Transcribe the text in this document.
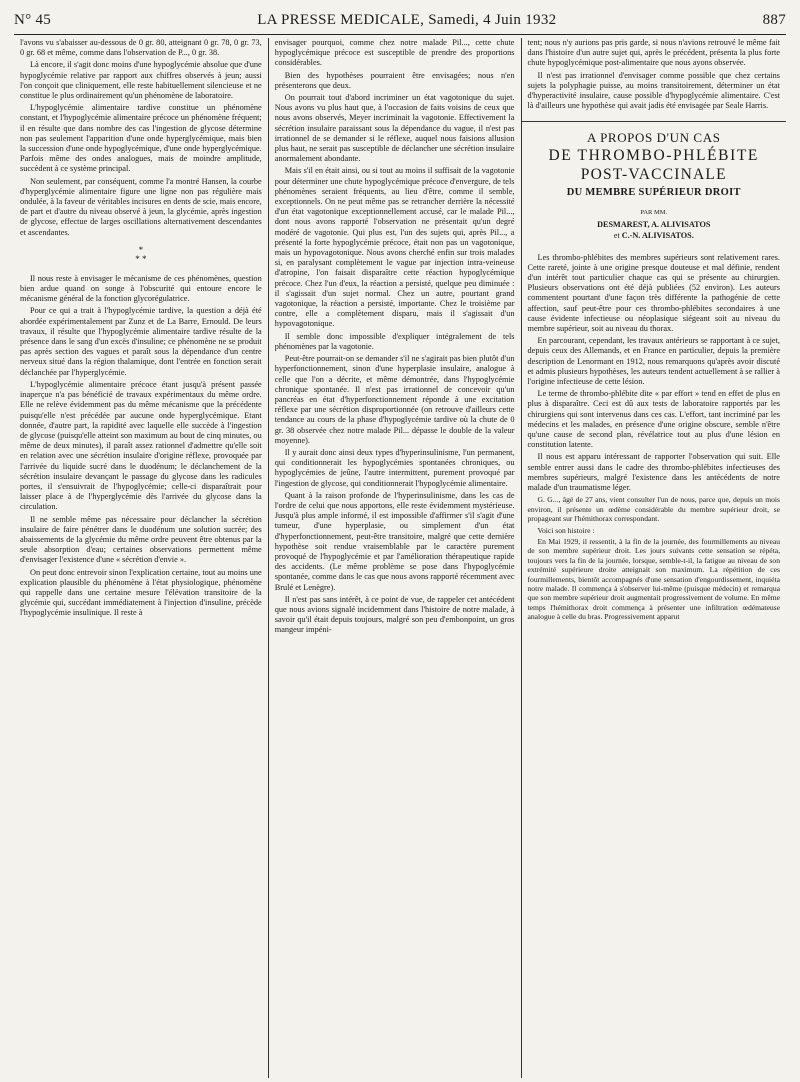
N° 45	LA PRESSE MEDICALE, Samedi, 4 Juin 1932	887

l'avons vu s'abaisser au-dessous de 0 gr. 80, atteignant 0 gr. 78, 0 gr. 73, 0 gr. 68 et même, comme dans l'observation de P..., 0 gr. 38.

Là encore, il s'agit donc moins d'une hypoglycémie absolue que d'une hypoglycémie relative par rapport aux chiffres observés à jeun; aussi l'on conçoit que cliniquement, elle reste habituellement silencieuse et ne constitue le plus ordinairement qu'un phénomène de laboratoire.

L'hypoglycémie alimentaire tardive constitue un phénomène constant, et l'hypoglycémie alimentaire précoce un phénomène fréquent; il en résulte que dans nombre des cas l'ingestion de glycose détermine non pas seulement l'apparition d'une onde hyperglycémique, mais bien la succession d'une onde hypoglycémique, d'une onde hyperglycémique. Parfois même des ondes analogues, mais de moindre amplitude, succèdent à ce système principal.

Non seulement, par conséquent, comme l'a montré Hansen, la courbe d'hyperglycémie alimentaire figure une ligne non pas régulière mais ondulée, à la faveur de véritables incisures en dents de scie, mais encore, de part et d'autre du niveau observé à jeun, la glycémie, après ingestion de glycose, effectue de larges oscillations alternativement descendantes et ascendantes.

*
* *

Il nous reste à envisager le mécanisme de ces phénomènes, question bien ardue quand on songe à l'obscurité qui entoure encore le mécanisme général de la fonction glycorégulatrice.

Pour ce qui a trait à l'hypoglycémie tardive, la question a déjà été abordée expérimentalement par Zunz et de La Barre, Ernould. De leurs travaux, il résulte que l'hypoglycémie alimentaire tardive résulte de la présence dans le sang d'un excès d'insuline; ce phénomène ne se produit pas après section des vagues et paraît sous la dépendance d'un centre nerveux situé dans la région thalamique, dont l'entrée en fonction serait déclanchée par l'hyperglycémie.

L'hypoglycémie alimentaire précoce étant jusqu'à présent passée inaperçue n'a pas bénéficié de travaux expérimentaux du même ordre. Elle ne relève évidemment pas du même mécanisme que la précédente puisqu'elle n'est précédée par aucune onde hyperglycémique. Etant donnée, d'autre part, la rapidité avec laquelle elle succède à l'ingestion de glycose (puisqu'elle atteint son maximum au bout de cinq minutes, ou même de deux minutes), il paraît assez rationnel d'admettre qu'elle soit en relation avec une sécrétion insulaire d'origine réflexe, provoquée par l'arrivée du liquide sucré dans le duodénum; le déclanchement de la sécrétion insulaire devançant le passage du glycose dans les radicules portes, il s'ensuivrait de l'hypoglycémie; celle-ci disparaîtrait pour laisser place à de l'hyperglycémie dès l'arrivée du glycose dans la circulation.

Il ne semble même pas nécessaire pour déclancher la sécrétion insulaire de faire pénétrer dans le duodénum une solution sucrée; des abaissements de la glycémie du même ordre peuvent être obtenus par la seule absorption d'eau; certaines observations permettent même d'envisager l'existence d'une « sécrétion d'envie ».

On peut donc entrevoir sinon l'explication certaine, tout au moins une explication plausible du phénomène à l'état physiologique, phénomène qui rappelle dans une certaine mesure l'élévation transitoire de la glycémie qui, succédant immédiatement à l'injection d'insuline, précède l'hypoglycémie insulinique. Il reste à

envisager pourquoi, comme chez notre malade Pil..., cette chute hypoglycémique précoce est susceptible de prendre des proportions considérables.

Bien des hypothèses pourraient être envisagées; nous n'en présenterons que deux.

On pourrait tout d'abord incriminer un état vagotonique du sujet. Nous avons vu plus haut que, à l'occasion de faits voisins de ceux que nous avons observés, Meyer incriminait la vagotonie. Effectivement la sécrétion insulaire paraissant sous la dépendance du vague, il n'est pas irrationnel de se demander si le réflexe, auquel nous faisions allusion plus haut, ne serait pas susceptible de déclancher une sécrétion insulaire anormalement abondante.

Mais s'il en était ainsi, ou si tout au moins il suffisait de la vagotonie pour déterminer une chute hypoglycémique précoce d'envergure, de tels phénomènes seraient fréquents, au lieu d'être, comme il semble, exceptionnels. On ne peut même pas se retrancher derrière la nécessité d'un état vagotonique exceptionnellement accusé, car le malade Pil..., dont nous avons rapporté l'observation ne présentait qu'un degré modéré de vagotonie. Qui plus est, l'un des sujets qui, après Pil..., a présenté la forte hypoglycémie précoce, était non pas un vagotonique, mais un hypovagotonique. Nous avons cherché enfin sur trois malades si, en paralysant complètement le vague par injection intra-veineuse d'atropine, l'on faisait disparaître cette réaction hypoglycémique précoce. Chez l'un d'eux, la réaction a persisté, quelque peu diminuée : il s'agissait d'un sujet normal. Chez un autre, pourtant grand vagotonique, la réaction a persisté, importante. Chez le troisième par contre, elle a complètement disparu, mais il s'agissait d'un hypovagotonique.

Il semble donc impossible d'expliquer intégralement de tels phénomènes par la vagotonie.

Peut-être pourrait-on se demander s'il ne s'agirait pas bien plutôt d'un hyperfonctionnement, sinon d'une hyperplasie insulaire, analogue à celle que l'on a décrite, et même démontrée, dans l'hypoglycémie chronique spontanée. Il n'est pas irrationnel de concevoir qu'un pancréas en état d'hyperfonctionnement réponde à une excitation réflexe par une sécrétion disproportionnée (on retrouve d'ailleurs cette tendance au cours de la phase d'hypoglycémie tardive où la chute de 0 gr. 38 observée chez notre malade Pil... dépasse le double de la valeur moyenne).

Il y aurait donc ainsi deux types d'hyperinsulinisme, l'un permanent, qui conditionnerait les hypoglycémies spontanées chroniques, ou hypoglycémies de jeûne, l'autre intermittent, purement provoqué par l'ingestion de glycose, qui conditionnerait l'hypoglycémie alimentaire.

Quant à la raison profonde de l'hyperinsulinisme, dans les cas de l'ordre de celui que nous apportons, elle reste évidemment mystérieuse. Jusqu'à plus ample informé, il est impossible d'affirmer s'il s'agit d'une tumeur, d'une hyperplasie, ou simplement d'un état d'hyperfonctionnement, peut-être transitoire, malgré que cette dernière hypothèse soit rendue vraisemblable par le caractère purement provoqué de l'hypoglycémie et par l'amélioration thérapeutique rapide des accidents. (Le même problème se pose dans l'hypoglycémie spontanée, comme dans le cas que nous avons rapporté récemment avec Brulé et Lenègre).

Il n'est pas sans intérêt, à ce point de vue, de rappeler cet antécédent que nous avions signalé incidemment dans l'histoire de notre malade, à savoir qu'il était depuis toujours, malgré son peu d'embonpoint, un gros mangeur impéni-

tent; nous n'y aurions pas pris garde, si nous n'avions retrouvé le même fait dans l'histoire d'un autre sujet qui, après le précédent, présenta la plus forte chute hypoglycémique post-alimentaire que nous ayons observée.

Il n'est pas irrationnel d'envisager comme possible que chez certains sujets la polyphagie puisse, au moins transitoirement, déterminer un état d'hyperactivité insulaire, cause possible d'hypoglycémie alimentaire. C'est là d'ailleurs une hypothèse qui avait jadis été envisagée par Seale Harris.

A PROPOS D'UN CAS
DE THROMBO-PHLÉBITE
POST-VACCINALE
DU MEMBRE SUPÉRIEUR DROIT
PAR MM.
DESMAREST, A. ALIVISATOS
et C.-N. ALIVISATOS.

Les thrombo-phlébites des membres supérieurs sont relativement rares. Cette rareté, jointe à une origine presque douteuse et mal définie, rendent d'un intérêt tout particulier chaque cas qui se présente au chirurgien. Plusieurs observations ont été déjà publiées (52 environ). Les auteurs commentent pourtant d'une façon très différente la pathogénie de cette affection, sauf peut-être pour ces thrombo-phlébites secondaires à une cause évidente infectieuse ou néoplasique siégeant soit au niveau du membre supérieur, soit au niveau du thorax.

En parcourant, cependant, les travaux antérieurs se rapportant à ce sujet, depuis ceux des Allemands, et en France en particulier, depuis la première description de Lenormant en 1912, nous remarquons qu'après avoir discuté et admis plusieurs hypothèses, les auteurs tendent actuellement à se rallier à l'origine infectieuse de cette lésion.

Le terme de thrombo-phlébite dite « par effort » tend en effet de plus en plus à disparaître. Ceci est dû aux tests de laboratoire rapportés par les chirurgiens qui sont intervenus dans ces cas. L'effort, tant incriminé par les médecins et les malades, en présence d'une origine obscure, semble n'être qu'une cause de second plan, révélatrice tout au plus d'une lésion en constitution latente.

Il nous est apparu intéressant de rapporter l'observation qui suit. Elle semble entrer aussi dans le cadre des thrombo-phlébites infectieuses des membres supérieurs, malgré l'existence dans les antécédents de notre malade d'un traumatisme léger.

G. G..., âgé de 27 ans, vient consulter l'un de nous, parce que, depuis un mois environ, il présente un œdème considérable du membre supérieur droit, se propageant sur l'hémithorax correspondant.

Voici son histoire :

En Mai 1929, il ressentit, à la fin de la journée, des fourmillements au niveau de son membre supérieur droit. Les jours suivants cette sensation se répéta, toujours vers la fin de la journée, lorsque, semble-t-il, la fatigue au niveau de son extrémité supérieure droite atteignait son maximum. La répétition de ces fourmillements, bientôt accompagnés d'une sensation d'engourdissement, inquiéta notre malade. Il commença à s'observer lui-même (puisque médecin) et remarqua que son membre supérieur droit augmentait progressivement de volume. En même temps l'hémithorax droit commença à présenter une infiltration œdémateuse analogue à celle du bras. Progressivement apparut
